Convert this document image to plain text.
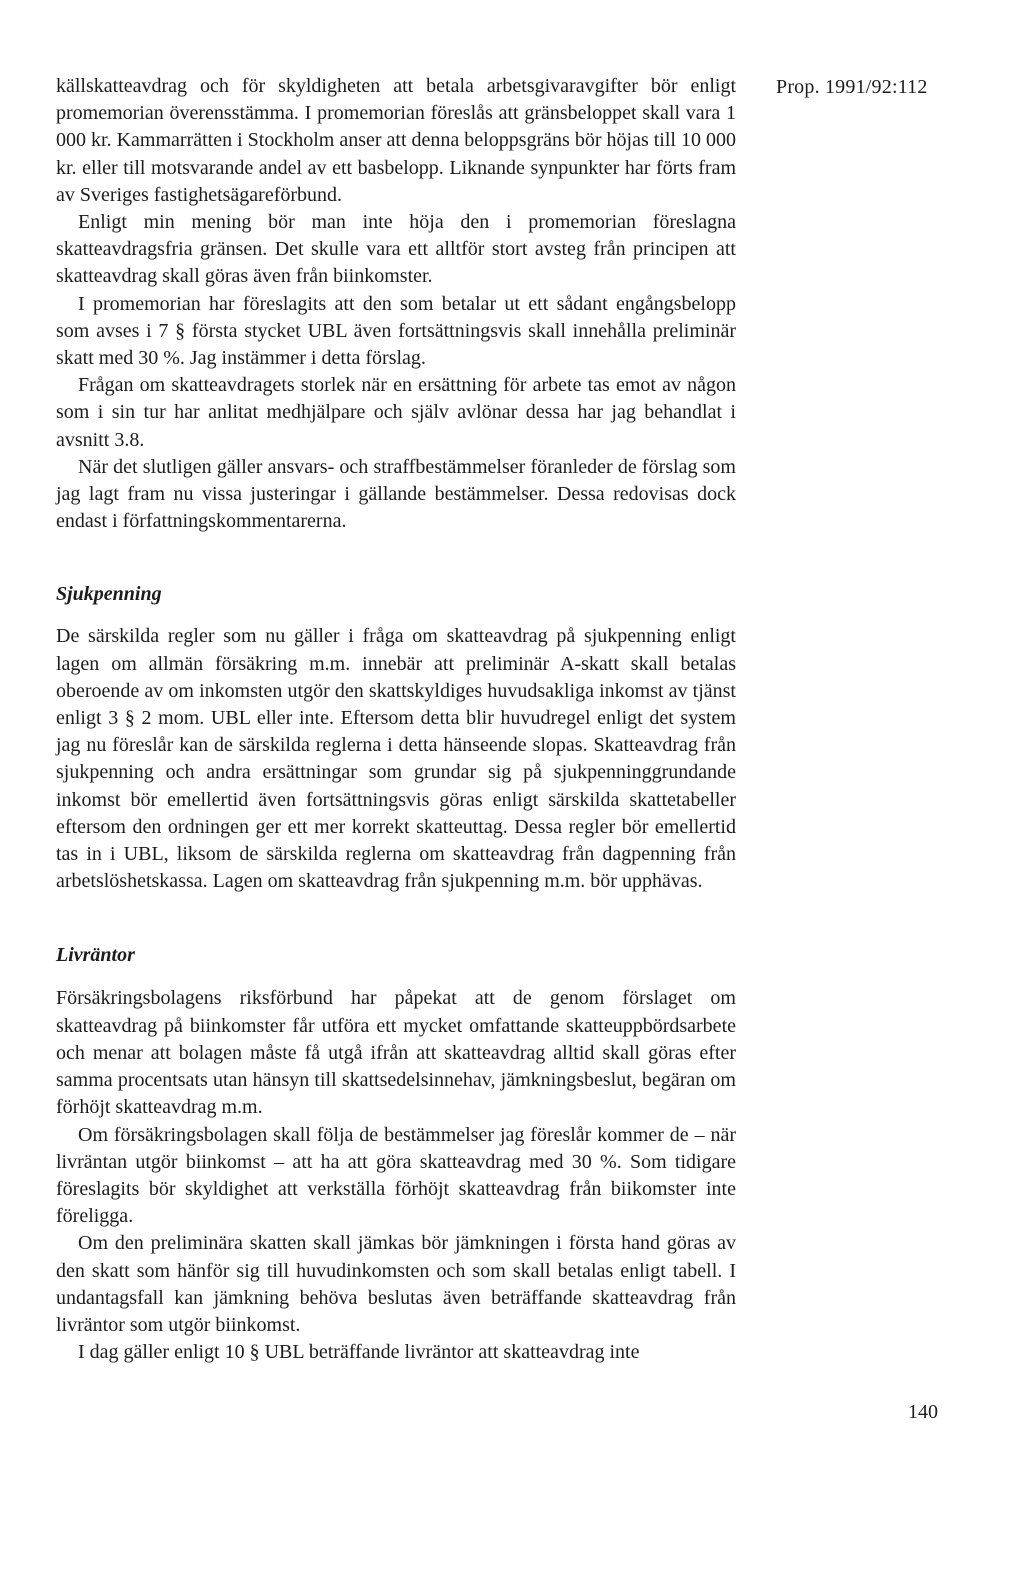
Prop. 1991/92:112

källskatteavdrag och för skyldigheten att betala arbetsgivaravgifter bör enligt promemorian överensstämma. I promemorian föreslås att gränsbeloppet skall vara 1 000 kr. Kammarrätten i Stockholm anser att denna beloppsgräns bör höjas till 10 000 kr. eller till motsvarande andel av ett basbelopp. Liknande synpunkter har förts fram av Sveriges fastighetsägareförbund.

Enligt min mening bör man inte höja den i promemorian föreslagna skatteavdragsfria gränsen. Det skulle vara ett alltför stort avsteg från principen att skatteavdrag skall göras även från biinkomster.

I promemorian har föreslagits att den som betalar ut ett sådant engångsbelopp som avses i 7 § första stycket UBL även fortsättningsvis skall innehålla preliminär skatt med 30 %. Jag instämmer i detta förslag.

Frågan om skatteavdragets storlek när en ersättning för arbete tas emot av någon som i sin tur har anlitat medhjälpare och själv avlönar dessa har jag behandlat i avsnitt 3.8.

När det slutligen gäller ansvars- och straffbestämmelser föranleder de förslag som jag lagt fram nu vissa justeringar i gällande bestämmelser. Dessa redovisas dock endast i författningskommentarerna.

Sjukpenning

De särskilda regler som nu gäller i fråga om skatteavdrag på sjukpenning enligt lagen om allmän försäkring m.m. innebär att preliminär A-skatt skall betalas oberoende av om inkomsten utgör den skattskyldiges huvudsakliga inkomst av tjänst enligt 3 § 2 mom. UBL eller inte. Eftersom detta blir huvudregel enligt det system jag nu föreslår kan de särskilda reglerna i detta hänseende slopas. Skatteavdrag från sjukpenning och andra ersättningar som grundar sig på sjukpenninggrundande inkomst bör emellertid även fortsättningsvis göras enligt särskilda skattetabeller eftersom den ordningen ger ett mer korrekt skatteuttag. Dessa regler bör emellertid tas in i UBL, liksom de särskilda reglerna om skatteavdrag från dagpenning från arbetslöshetskassa. Lagen om skatteavdrag från sjukpenning m.m. bör upphävas.

Livräntor

Försäkringsbolagens riksförbund har påpekat att de genom förslaget om skatteavdrag på biinkomster får utföra ett mycket omfattande skatteuppbördsarbete och menar att bolagen måste få utgå ifrån att skatteavdrag alltid skall göras efter samma procentsats utan hänsyn till skattsedelsinnehav, jämkningsbeslut, begäran om förhöjt skatteavdrag m.m.

Om försäkringsbolagen skall följa de bestämmelser jag föreslår kommer de – när livräntan utgör biinkomst – att ha att göra skatteavdrag med 30 %. Som tidigare föreslagits bör skyldighet att verkställa förhöjt skatteavdrag från biikomster inte föreligga.

Om den preliminära skatten skall jämkas bör jämkningen i första hand göras av den skatt som hänför sig till huvudinkomsten och som skall betalas enligt tabell. I undantagsfall kan jämkning behöva beslutas även beträffande skatteavdrag från livräntor som utgör biinkomst.

I dag gäller enligt 10 § UBL beträffande livräntor att skatteavdrag inte

140
